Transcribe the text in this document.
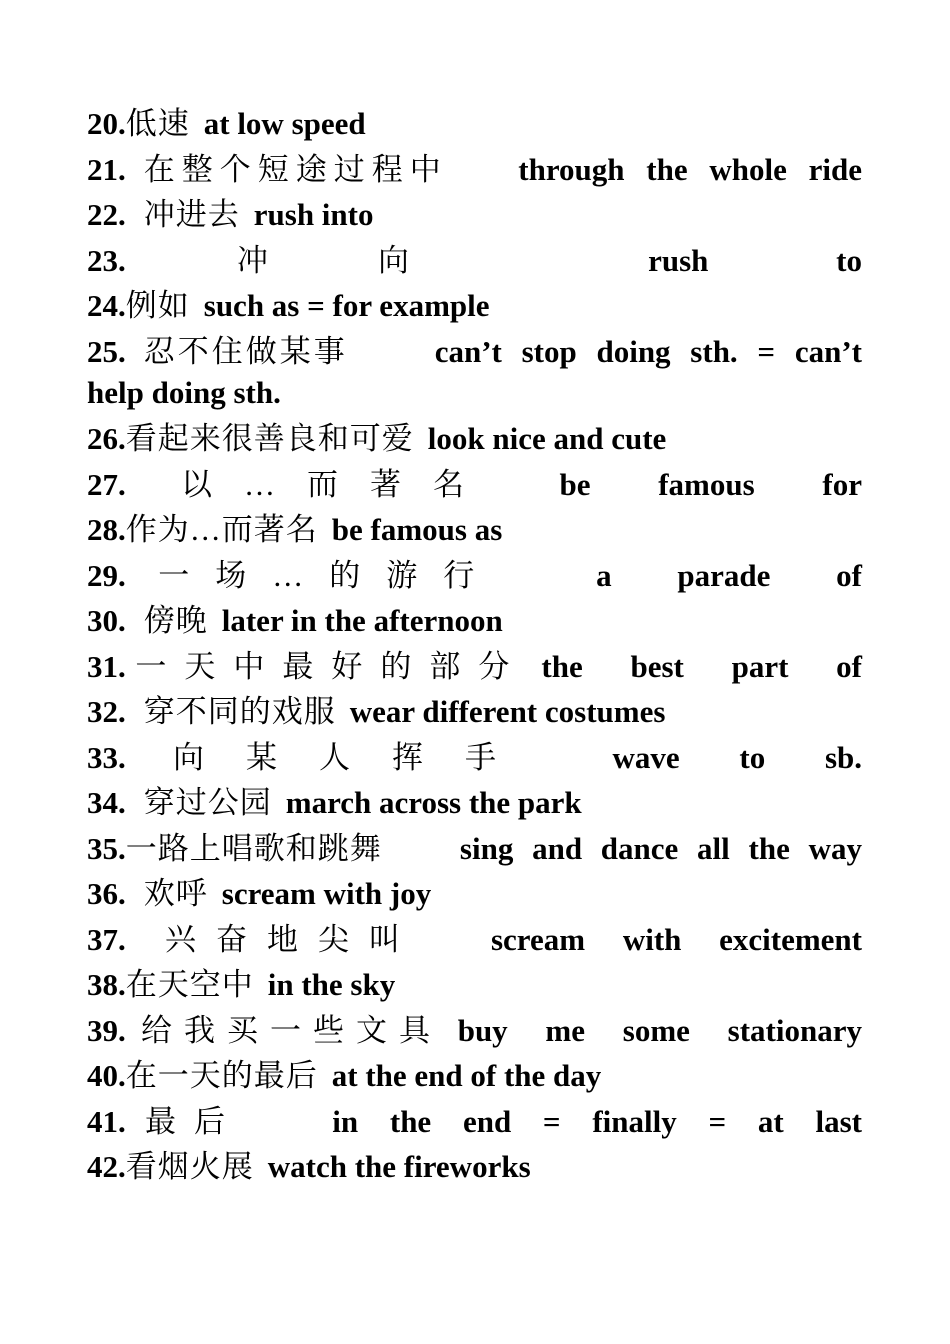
20. 低速 at low speed
21. 在整个短途过程中	through the whole ride
22. 冲进去 rush into
23.	冲向	rush to
24. 例如 such as = for example
25. 忍不住做某事	can’t stop doing sth. = can’t
help doing sth.
26. 看起来很善良和可爱 look nice and cute
27.	以…而著名	be famous for
28. 作为…而著名 be famous as
29.	一场…的游行	a parade of
30. 傍晚 later in the afternoon
31. 一天中最好的部分 the best part of
32. 穿不同的戏服 wear different costumes
33.	向某人挥手	wave to sb.
34. 穿过公园 march across the park
35. 一路上唱歌和跳舞	sing and dance all the way
36. 欢呼 scream with joy
37.	兴奋地尖叫	scream with excitement
38. 在天空中 in the sky
39. 给我买一些文具 buy me some stationary
40. 在一天的最后 at the end of the day
41. 最后	in the end = finally = at last
42. 看烟火展 watch the fireworks
